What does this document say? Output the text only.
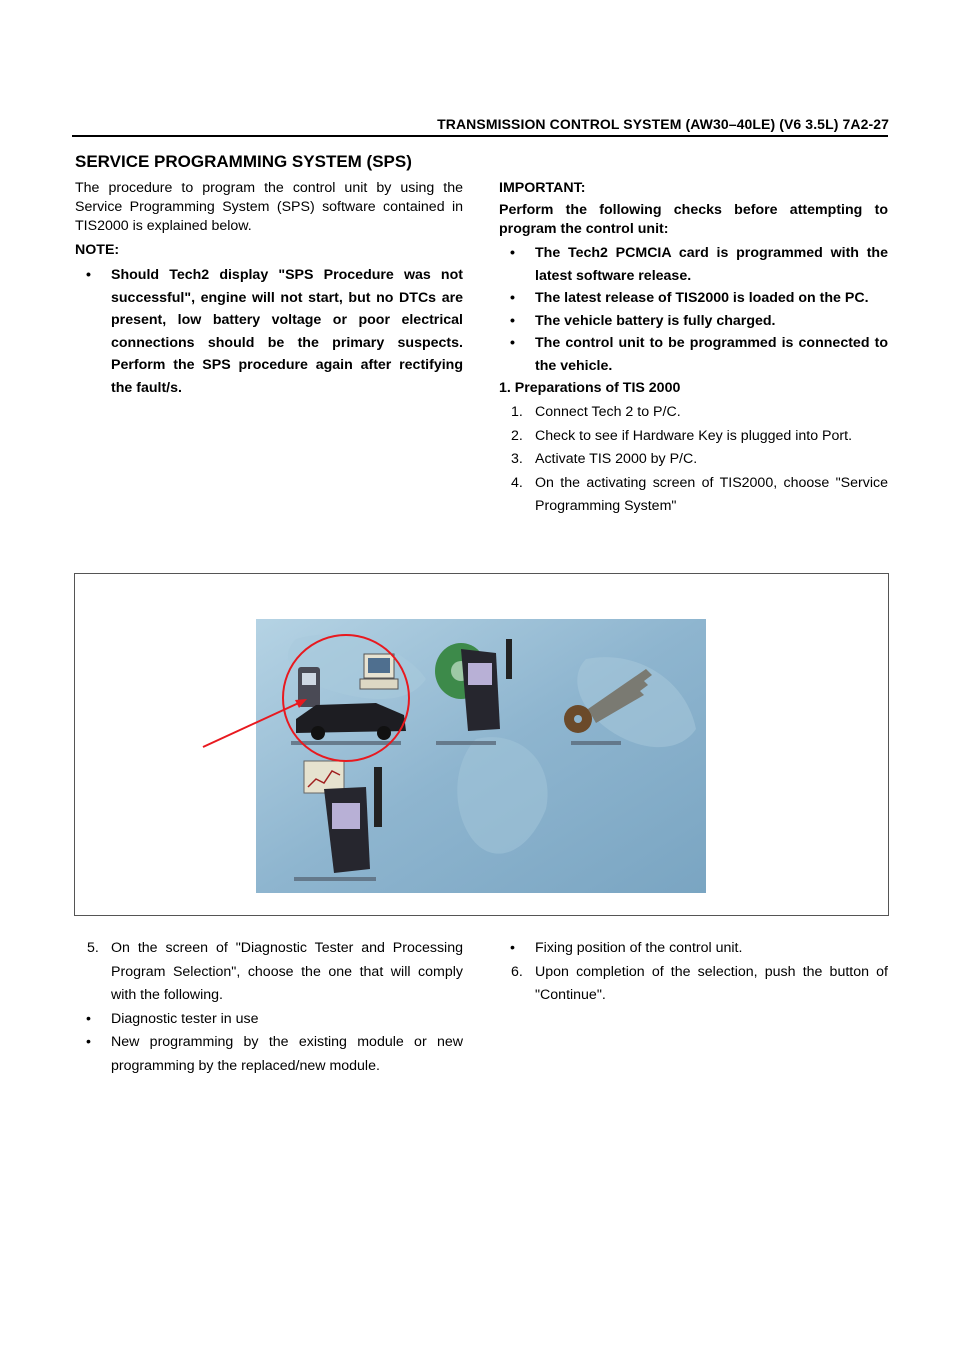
TRANSMISSION CONTROL SYSTEM (AW30–40LE) (V6 3.5L) 7A2-27
SERVICE PROGRAMMING SYSTEM (SPS)

The procedure to program the control unit by using the Service Programming System (SPS) software contained in TIS2000 is explained below.

NOTE:

• Should Tech2 display "SPS Procedure was not successful", engine will not start, but no DTCs are present, low battery voltage or poor electrical connections should be the primary suspects. Perform the SPS procedure again after rectifying the fault/s.

IMPORTANT:

Perform the following checks before attempting to program the control unit:

• The Tech2 PCMCIA card is programmed with the latest software release.
• The latest release of TIS2000 is loaded on the PC.
• The vehicle battery is fully charged.
• The control unit to be programmed is connected to the vehicle.

1. Preparations of TIS 2000

1. Connect Tech 2 to P/C.
2. Check to see if Hardware Key is plugged into Port.
3. Activate TIS 2000 by P/C.
4. On the activating screen of TIS2000, choose "Service Programming System"
5. On the screen of "Diagnostic Tester and Processing Program Selection", choose the one that will comply with the following.
• Diagnostic tester in use
• New programming by the existing module or new programming by the replaced/new module.
• Fixing position of the control unit.
6. Upon completion of the selection, push the button of "Continue".
